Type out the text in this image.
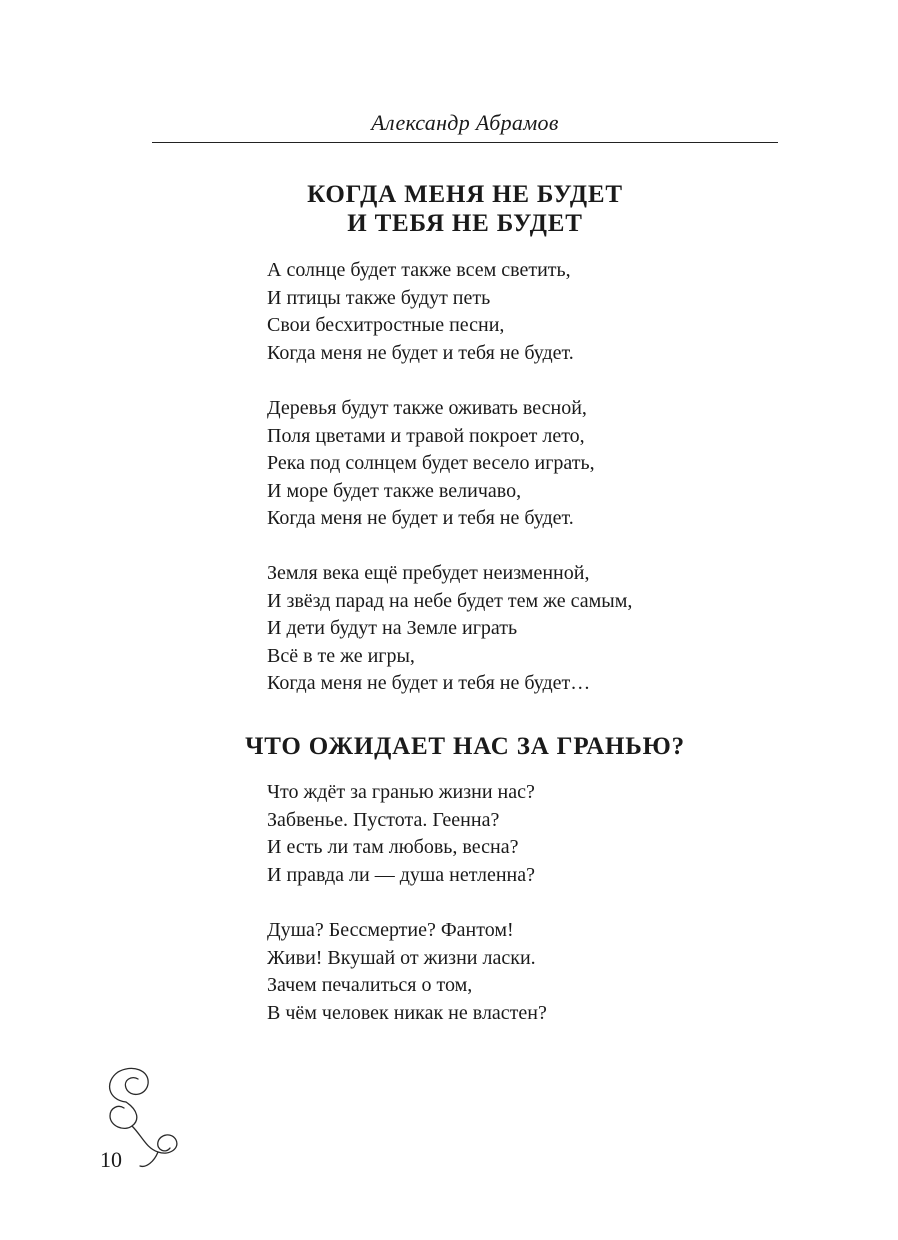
Александр Абрамов
КОГДА МЕНЯ НЕ БУДЕТ
И ТЕБЯ НЕ БУДЕТ
А солнце будет также всем светить,
И птицы также будут петь
Свои бесхитростные песни,
Когда меня не будет и тебя не будет.
Деревья будут также оживать весной,
Поля цветами и травой покроет лето,
Река под солнцем будет весело играть,
И море будет также величаво,
Когда меня не будет и тебя не будет.
Земля века ещё пребудет неизменной,
И звёзд парад на небе будет тем же самым,
И дети будут на Земле играть
Всё в те же игры,
Когда меня не будет и тебя не будет…
ЧТО ОЖИДАЕТ НАС ЗА ГРАНЬЮ?
Что ждёт за гранью жизни нас?
Забвенье. Пустота. Геенна?
И есть ли там любовь, весна?
И правда ли — душа нетленна?
Душа? Бессмертие? Фантом!
Живи! Вкушай от жизни ласки.
Зачем печалиться о том,
В чём человек никак не властен?
10
